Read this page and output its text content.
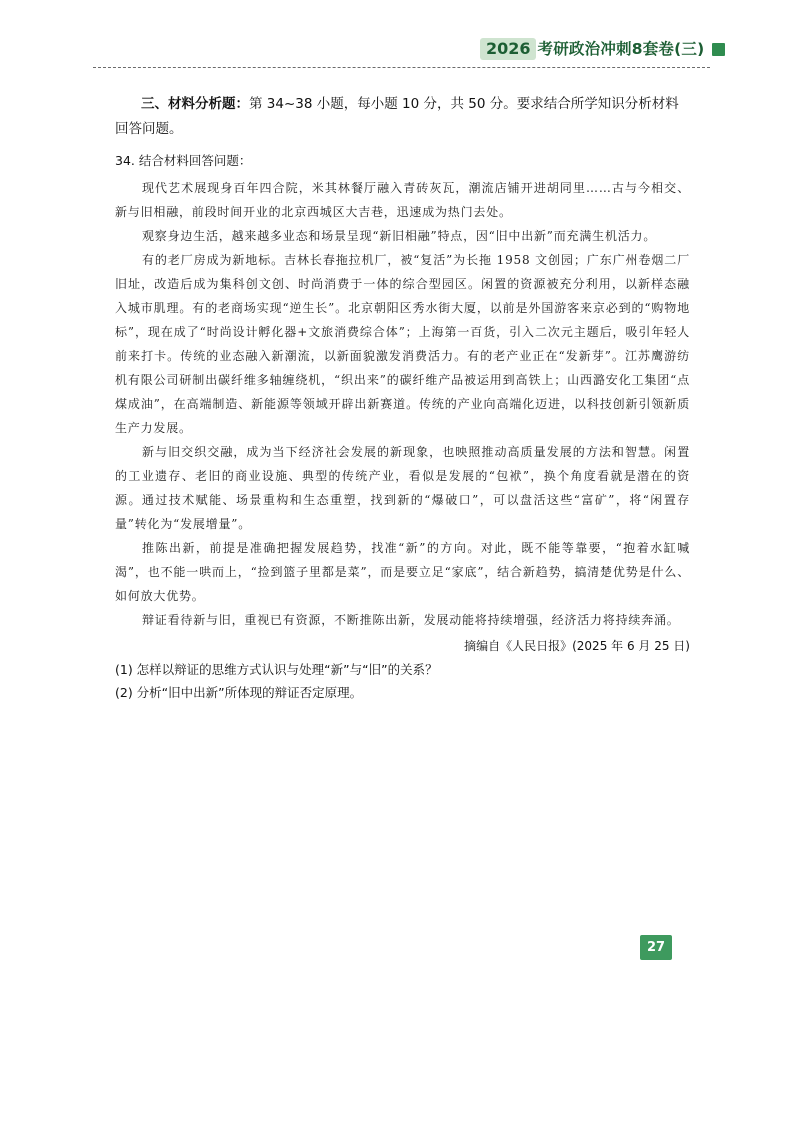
2026 考研政治冲刺8套卷(三)

三、材料分析题：第 34~38 小题，每小题 10 分，共 50 分。要求结合所学知识分析材料回答问题。

34. 结合材料回答问题：

现代艺术展现身百年四合院，米其林餐厅融入青砖灰瓦，潮流店铺开进胡同里……古与今相交、新与旧相融，前段时间开业的北京西城区大吉巷，迅速成为热门去处。

观察身边生活，越来越多业态和场景呈现“新旧相融”特点，因“旧中出新”而充满生机活力。

有的老厂房成为新地标。吉林长春拖拉机厂，被“复活”为长拖 1958 文创园；广东广州卷烟二厂旧址，改造后成为集科创文创、时尚消费于一体的综合型园区。闲置的资源被充分利用，以新样态融入城市肌理。有的老商场实现“逆生长”。北京朝阳区秀水街大厦，以前是外国游客来京必到的“购物地标”，现在成了“时尚设计孵化器+文旅消费综合体”；上海第一百货，引入二次元主题后，吸引年轻人前来打卡。传统的业态融入新潮流，以新面貌激发消费活力。有的老产业正在“发新芽”。江苏鹰游纺机有限公司研制出碳纤维多轴缠绕机，“织出来”的碳纤维产品被运用到高铁上；山西潞安化工集团“点煤成油”，在高端制造、新能源等领域开辟出新赛道。传统的产业向高端化迈进，以科技创新引领新质生产力发展。

新与旧交织交融，成为当下经济社会发展的新现象，也映照推动高质量发展的方法和智慧。闲置的工业遗存、老旧的商业设施、典型的传统产业，看似是发展的“包袱”，换个角度看就是潜在的资源。通过技术赋能、场景重构和生态重塑，找到新的“爆破口”，可以盘活这些“富矿”，将“闲置存量”转化为“发展增量”。

推陈出新，前提是准确把握发展趋势，找准“新”的方向。对此，既不能等靠要，“抱着水缸喊渴”，也不能一哄而上，“捡到篮子里都是菜”，而是要立足“家底”，结合新趋势，搞清楚优势是什么、如何放大优势。

辩证看待新与旧，重视已有资源，不断推陈出新，发展动能将持续增强，经济活力将持续奔涌。

摘编自《人民日报》(2025 年 6 月 25 日)

(1) 怎样以辩证的思维方式认识与处理“新”与“旧”的关系？

(2) 分析“旧中出新”所体现的辩证否定原理。

27
